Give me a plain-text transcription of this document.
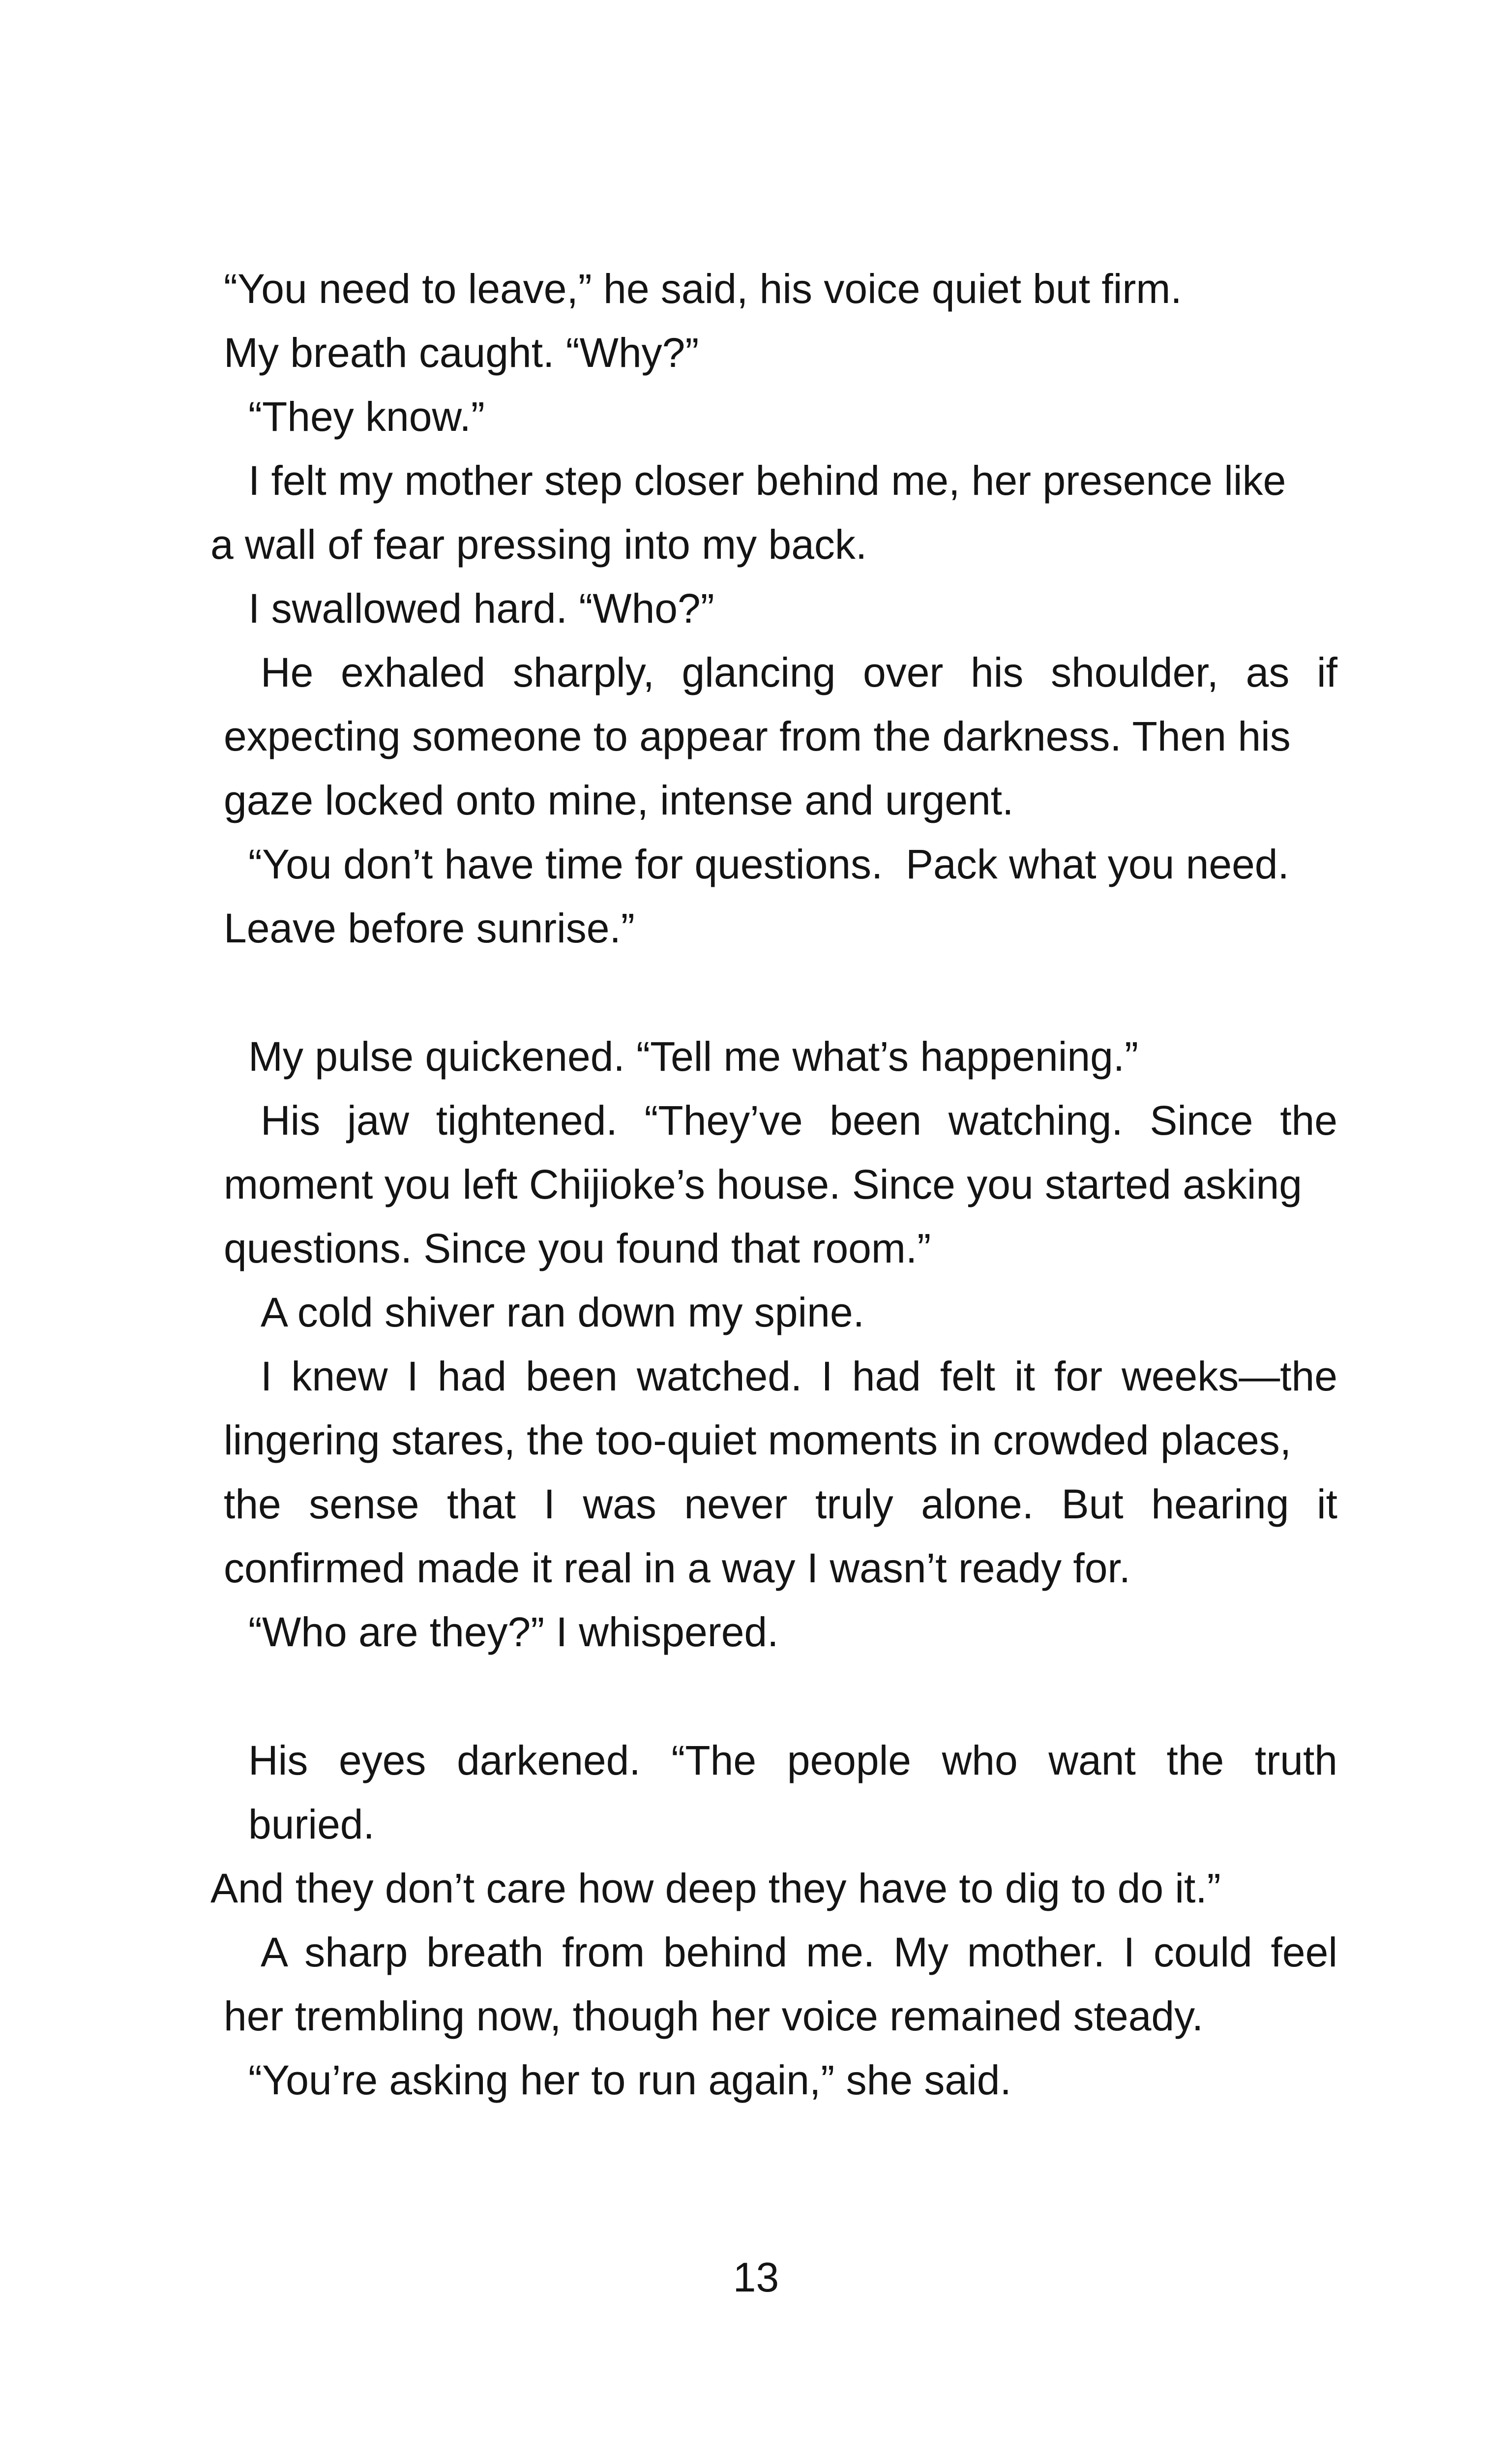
“You need to leave,” he said, his voice quiet but firm.

My breath caught. “Why?”

“They know.”

I felt my mother step closer behind me, her presence like

a wall of fear pressing into my back.

I swallowed hard. “Who?”

He exhaled sharply, glancing over his shoulder, as if

expecting someone to appear from the darkness. Then his

gaze locked onto mine, intense and urgent.

“You don’t have time for questions.  Pack what you need.

Leave before sunrise.”

My pulse quickened. “Tell me what’s happening.”

His jaw tightened. “They’ve been watching. Since the

moment you left Chijioke’s house. Since you started asking

questions. Since you found that room.”

A cold shiver ran down my spine.

I knew I had been watched. I had felt it for weeks—the

lingering stares, the too-quiet moments in crowded places,

the sense that I was never truly alone. But hearing it

confirmed made it real in a way I wasn’t ready for.

“Who are they?” I whispered.

His eyes darkened. “The people who want the truth

buried.

And they don’t care how deep they have to dig to do it.”

A sharp breath from behind me. My mother. I could feel

her trembling now, though her voice remained steady.

“You’re asking her to run again,” she said.

13
